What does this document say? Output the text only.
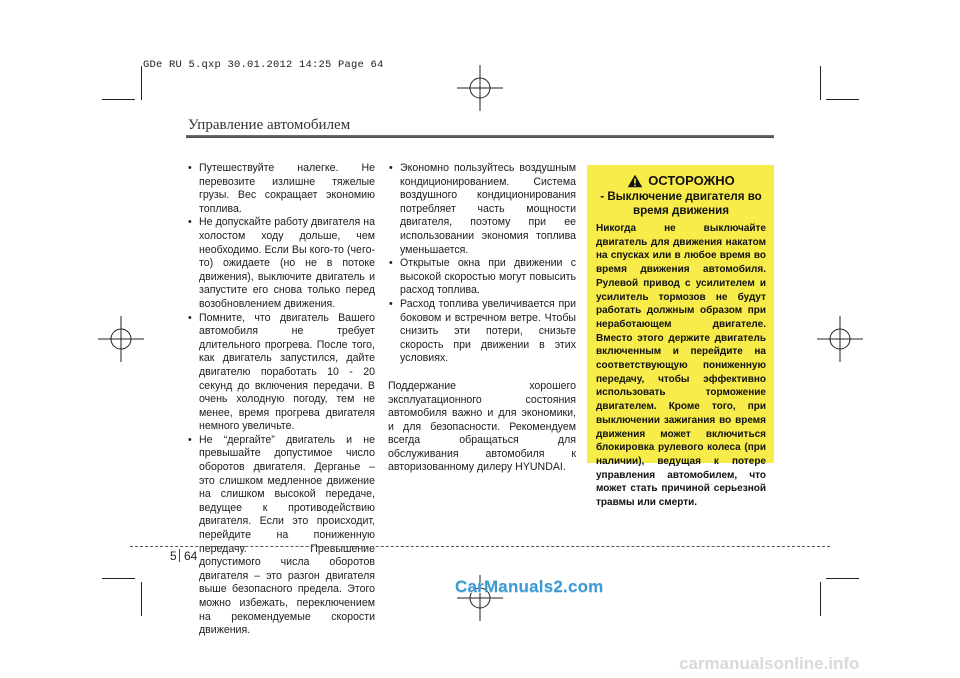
GDe RU 5.qxp 30.01.2012 14:25 Page 64
Управление автомобилем
• Путешествуйте налегке. Не перевозите излишне тяжелые грузы. Вес сокращает экономию топлива.
• Не допускайте работу двигателя на холостом ходу дольше, чем необходимо. Если Вы кого-то (чего-то) ожидаете (но не в потоке движения), выключите двигатель и запустите его снова только перед возобновлением движения.
• Помните, что двигатель Вашего автомобиля не требует длительного прогрева. После того, как двигатель запустился, дайте двигателю поработать 10 - 20 секунд до включения передачи. В очень холодную погоду, тем не менее, время прогрева двигателя немного увеличьте.
• Не “дергайте” двигатель и не превышайте допустимое число оборотов двигателя. Дерганье – это слишком медленное движение на слишком высокой передаче, ведущее к противодействию двигателя. Если это происходит, перейдите на пониженную передачу. Превышение допустимого числа оборотов двигателя – это разгон двигателя выше безопасного предела. Этого можно избежать, переключением на рекомендуемые скорости движения.
• Экономно пользуйтесь воздушным кондиционированием. Система воздушного кондиционирования потребляет часть мощности двигателя, поэтому при ее использовании экономия топлива уменьшается.
• Открытые окна при движении с высокой скоростью могут повысить расход топлива.
• Расход топлива увеличивается при боковом и встречном ветре. Чтобы снизить эти потери, снизьте скорость при движении в этих условиях.

Поддержание хорошего эксплуатационного состояния автомобиля важно и для экономики, и для безопасности. Рекомендуем всегда обращаться для обслуживания автомобиля к авторизованному дилеру HYUNDAI.

ОСТОРОЖНО
- Выключение двигателя во время движения
Никогда не выключайте двигатель для движения накатом на спусках или в любое время во время движения автомобиля. Рулевой привод с усилителем и усилитель тормозов не будут работать должным образом при неработающем двигателе. Вместо этого держите двигатель включенным и перейдите на соответствующую пониженную передачу, чтобы эффективно использовать торможение двигателем. Кроме того, при выключении зажигания во время движения может включиться блокировка рулевого колеса (при наличии), ведущая к потере управления автомобилем, что может стать причиной серьезной травмы или смерти.
5 64
CarManuals2.com
carmanualsonline.info
